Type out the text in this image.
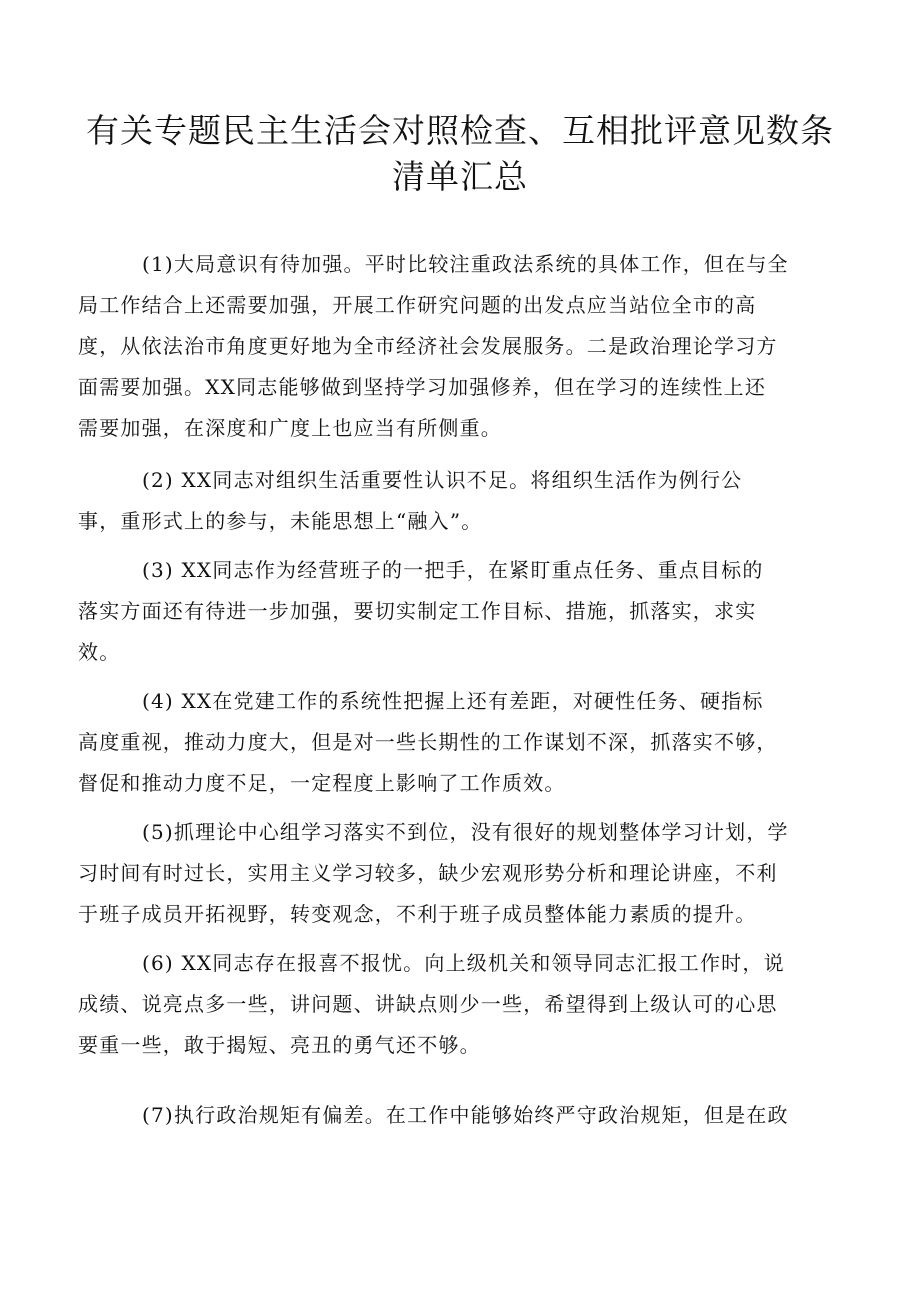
有关专题民主生活会对照检查、互相批评意见数条
清单汇总

(1)大局意识有待加强。平时比较注重政法系统的具体工作，但在与全
局工作结合上还需要加强，开展工作研究问题的出发点应当站位全市的高
度，从依法治市角度更好地为全市经济社会发展服务。二是政治理论学习方
面需要加强。XX同志能够做到坚持学习加强修养，但在学习的连续性上还
需要加强，在深度和广度上也应当有所侧重。

(2) XX同志对组织生活重要性认识不足。将组织生活作为例行公
事，重形式上的参与，未能思想上“融入”。

(3) XX同志作为经营班子的一把手，在紧盯重点任务、重点目标的
落实方面还有待进一步加强，要切实制定工作目标、措施，抓落实，求实
效。

(4) XX在党建工作的系统性把握上还有差距，对硬性任务、硬指标
高度重视，推动力度大，但是对一些长期性的工作谋划不深，抓落实不够，
督促和推动力度不足，一定程度上影响了工作质效。

(5)抓理论中心组学习落实不到位，没有很好的规划整体学习计划，学
习时间有时过长，实用主义学习较多，缺少宏观形势分析和理论讲座，不利
于班子成员开拓视野，转变观念，不利于班子成员整体能力素质的提升。

(6) XX同志存在报喜不报忧。向上级机关和领导同志汇报工作时，说
成绩、说亮点多一些，讲问题、讲缺点则少一些，希望得到上级认可的心思
要重一些，敢于揭短、亮丑的勇气还不够。

(7)执行政治规矩有偏差。在工作中能够始终严守政治规矩，但是在政
